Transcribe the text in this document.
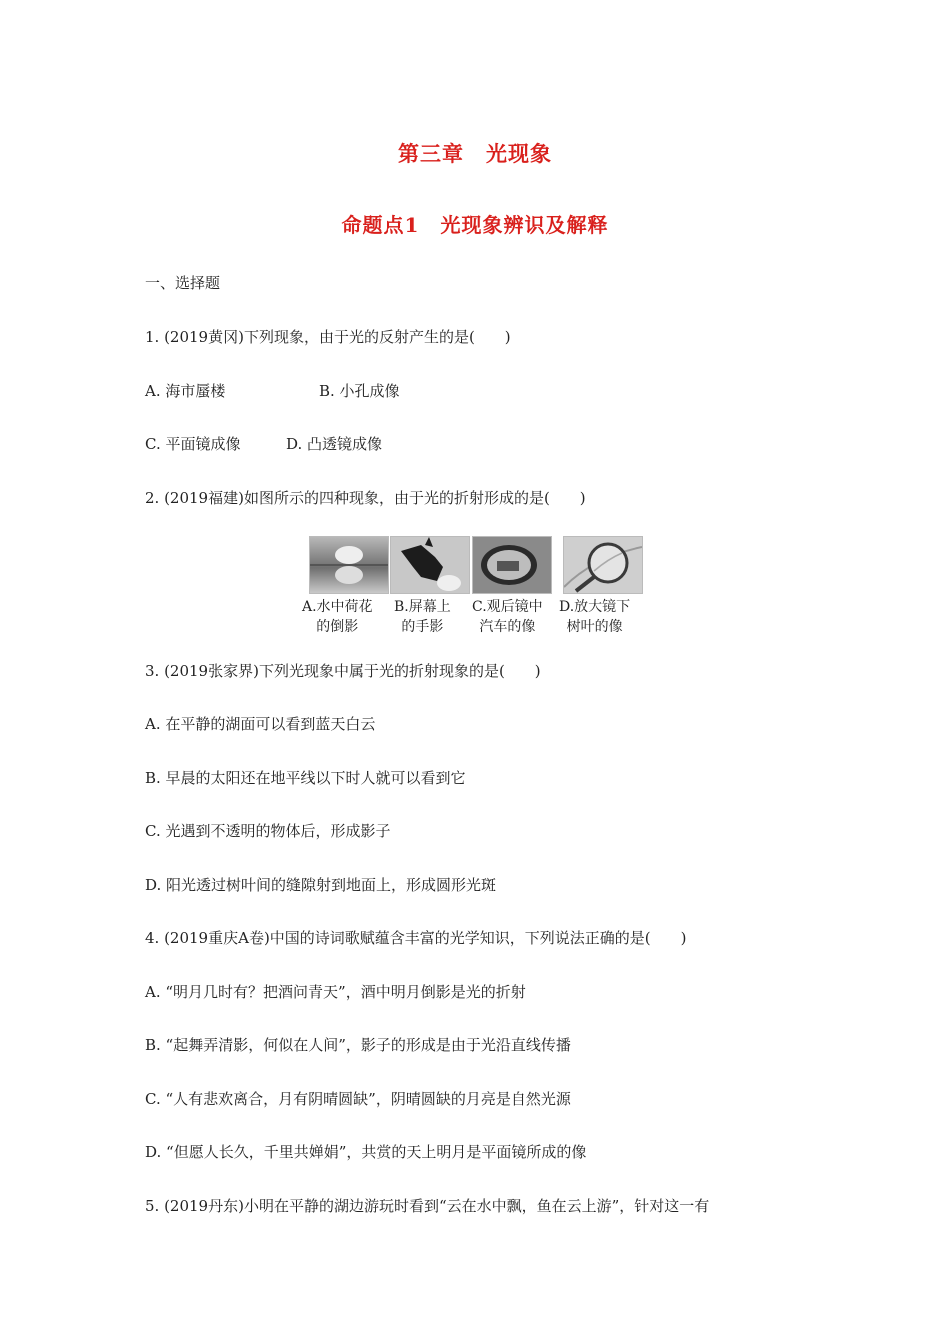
第三章　光现象
命题点1　光现象辨识及解释
一、选择题
1. (2019黄冈)下列现象，由于光的反射产生的是(　　)
A. 海市蜃楼	B. 小孔成像
C. 平面镜成像	D. 凸透镜成像
2. (2019福建)如图所示的四种现象，由于光的折射形成的是(　　)
A.水中荷花
的倒影
B.屏幕上
的手影
C.观后镜中
汽车的像
D.放大镜下
树叶的像
3. (2019张家界)下列光现象中属于光的折射现象的是(　　)
A. 在平静的湖面可以看到蓝天白云
B. 早晨的太阳还在地平线以下时人就可以看到它
C. 光遇到不透明的物体后，形成影子
D. 阳光透过树叶间的缝隙射到地面上，形成圆形光斑
4. (2019重庆A卷)中国的诗词歌赋蕴含丰富的光学知识，下列说法正确的是(　　)
A. “明月几时有？把酒问青天”，酒中明月倒影是光的折射
B. “起舞弄清影，何似在人间”，影子的形成是由于光沿直线传播
C. “人有悲欢离合，月有阴晴圆缺”，阴晴圆缺的月亮是自然光源
D. “但愿人长久，千里共婵娟”，共赏的天上明月是平面镜所成的像
5. (2019丹东)小明在平静的湖边游玩时看到“云在水中飘，鱼在云上游”，针对这一有
